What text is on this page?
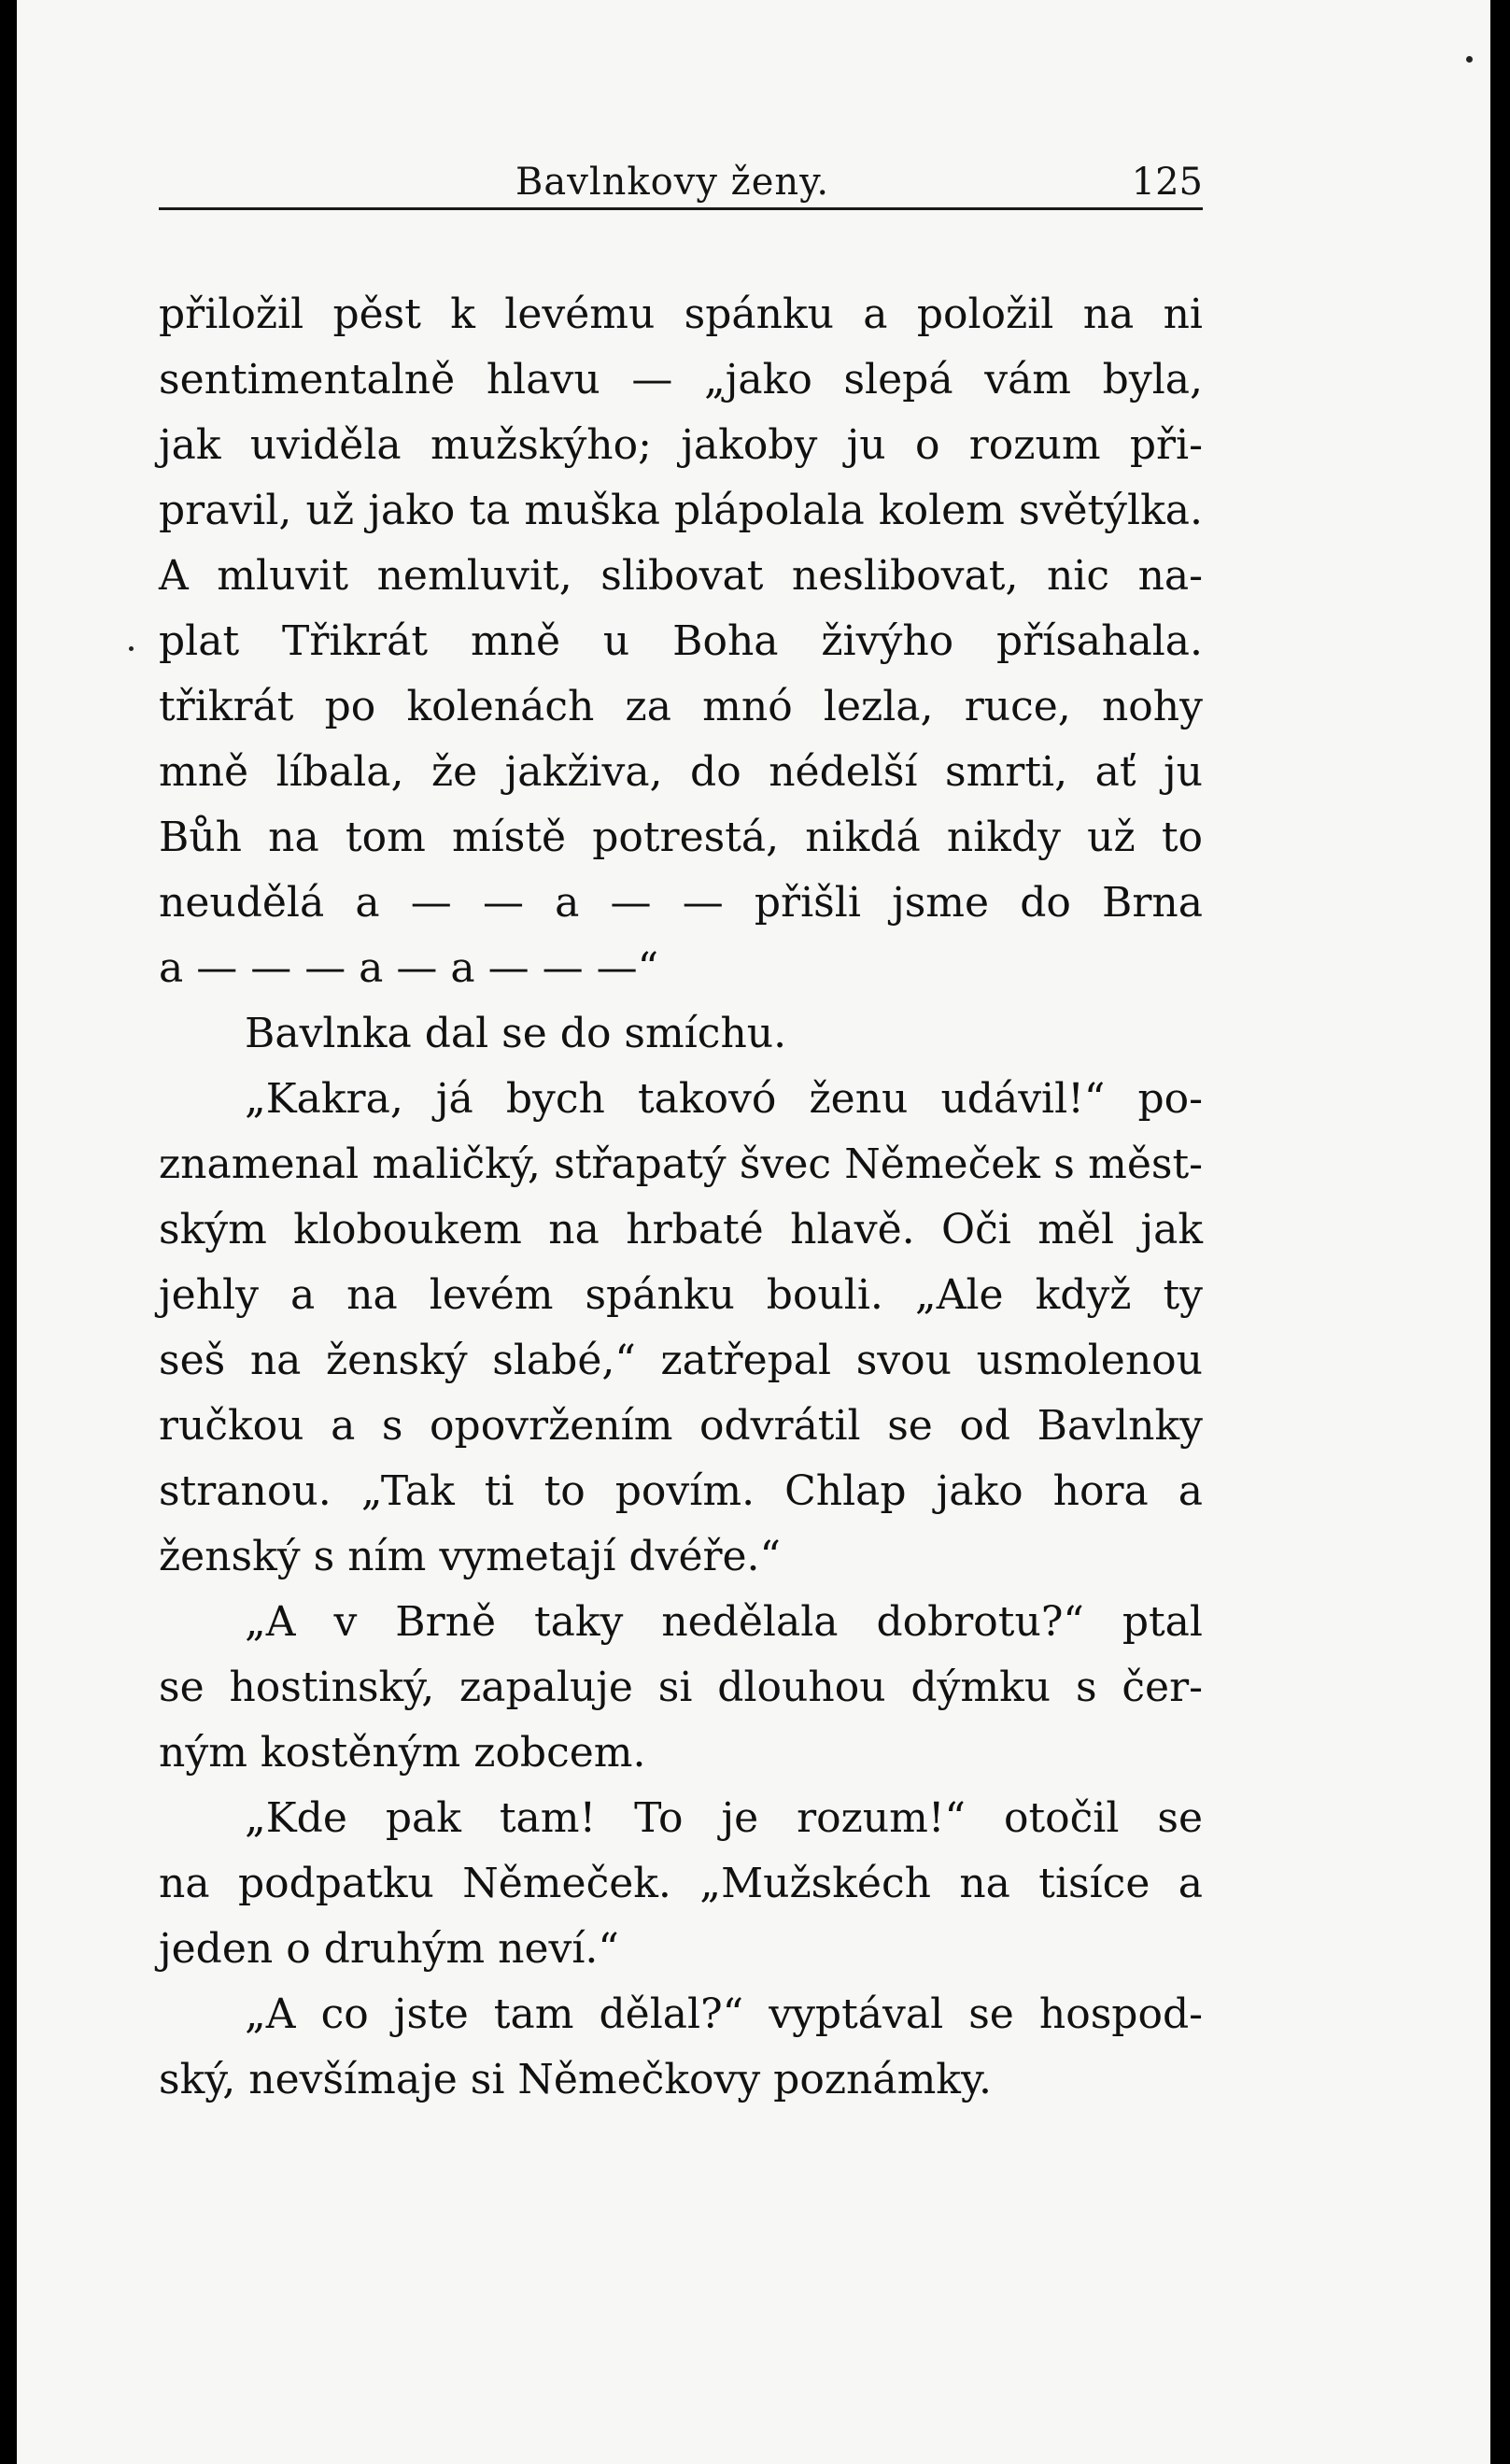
Bavlnkovy ženy.	125
přiložil pěst k levému spánku a položil na ni
sentimentalně hlavu — „jako slepá vám byla,
jak uviděla mužskýho; jakoby ju o rozum při-
pravil, už jako ta muška plápolala kolem světýlka.
A mluvit nemluvit, slibovat neslibovat, nic na-
plat Třikrát mně u Boha živýho přísahala.
třikrát po kolenách za mnó lezla, ruce, nohy
mně líbala, že jakživa, do nédelší smrti, ať ju
Bůh na tom místě potrestá, nikdá nikdy už to
neudělá a — — a — — přišli jsme do Brna
a — — — a — a — — —“
Bavlnka dal se do smíchu.
„Kakra, já bych takovó ženu udávil!“ po-
znamenal maličký, střapatý švec Němeček s měst-
ským kloboukem na hrbaté hlavě. Oči měl jak
jehly a na levém spánku bouli. „Ale když ty
seš na ženský slabé,“ zatřepal svou usmolenou
ručkou a s opovržením odvrátil se od Bavlnky
stranou. „Tak ti to povím. Chlap jako hora a
ženský s ním vymetají dvéře.“
„A v Brně taky nedělala dobrotu?“ ptal
se hostinský, zapaluje si dlouhou dýmku s čer-
ným kostěným zobcem.
„Kde pak tam! To je rozum!“ otočil se
na podpatku Němeček. „Mužskéch na tisíce a
jeden o druhým neví.“
„A co jste tam dělal?“ vyptával se hospod-
ský, nevšímaje si Němečkovy poznámky.
